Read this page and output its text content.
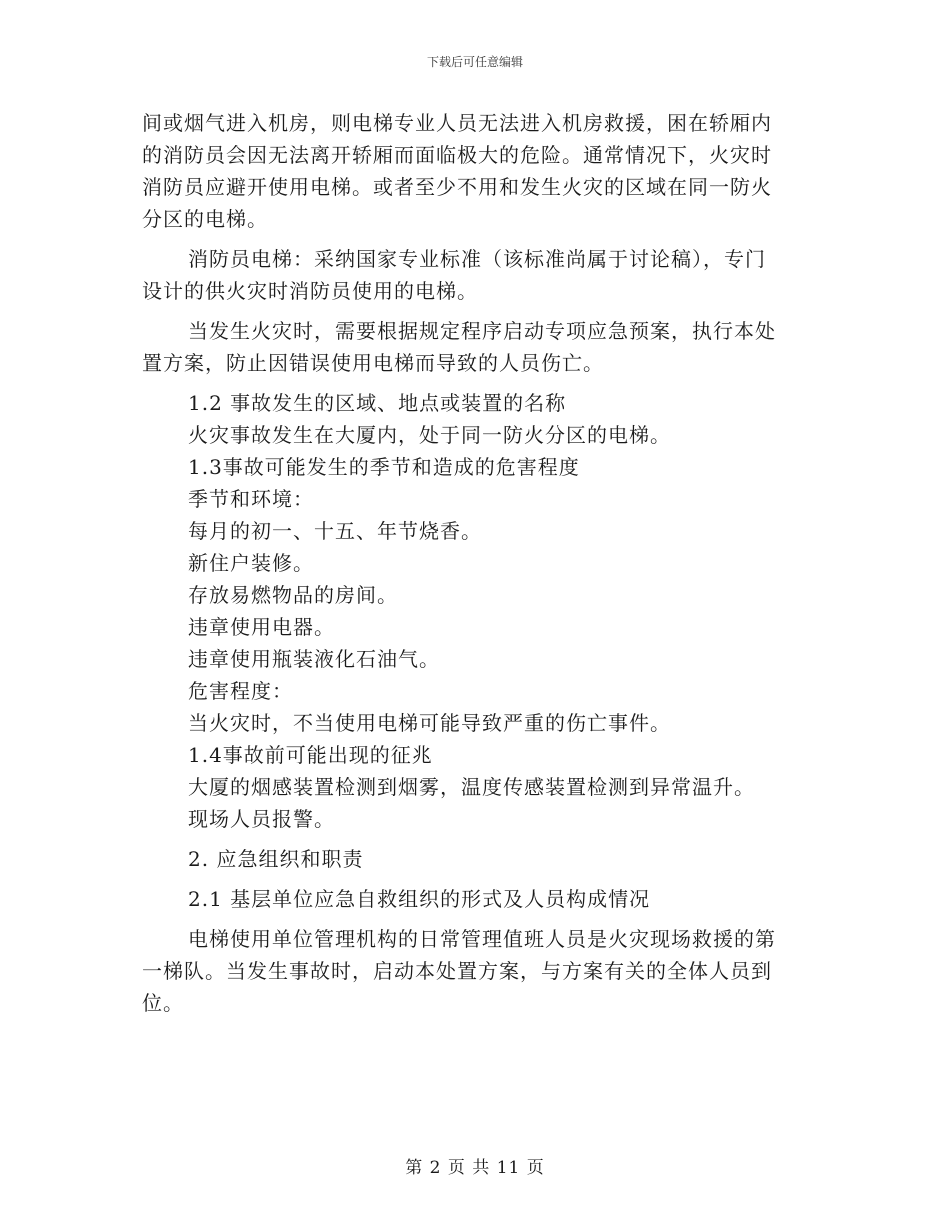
下载后可任意编辑

间或烟气进入机房，则电梯专业人员无法进入机房救援，困在轿厢内

的消防员会因无法离开轿厢而面临极大的危险。通常情况下，火灾时

消防员应避开使用电梯。或者至少不用和发生火灾的区域在同一防火

分区的电梯。

消防员电梯：采纳国家专业标准（该标准尚属于讨论稿），专门

设计的供火灾时消防员使用的电梯。

当发生火灾时，需要根据规定程序启动专项应急预案，执行本处

置方案，防止因错误使用电梯而导致的人员伤亡。

1.2 事故发生的区域、地点或装置的名称

火灾事故发生在大厦内，处于同一防火分区的电梯。

1.3事故可能发生的季节和造成的危害程度

季节和环境：

每月的初一、十五、年节烧香。

新住户装修。

存放易燃物品的房间。

违章使用电器。

违章使用瓶装液化石油气。

危害程度：

当火灾时，不当使用电梯可能导致严重的伤亡事件。

1.4事故前可能出现的征兆

大厦的烟感装置检测到烟雾，温度传感装置检测到异常温升。

现场人员报警。

2. 应急组织和职责

2.1 基层单位应急自救组织的形式及人员构成情况

电梯使用单位管理机构的日常管理值班人员是火灾现场救援的第

一梯队。当发生事故时，启动本处置方案，与方案有关的全体人员到

位。

第 2 页 共 11 页
